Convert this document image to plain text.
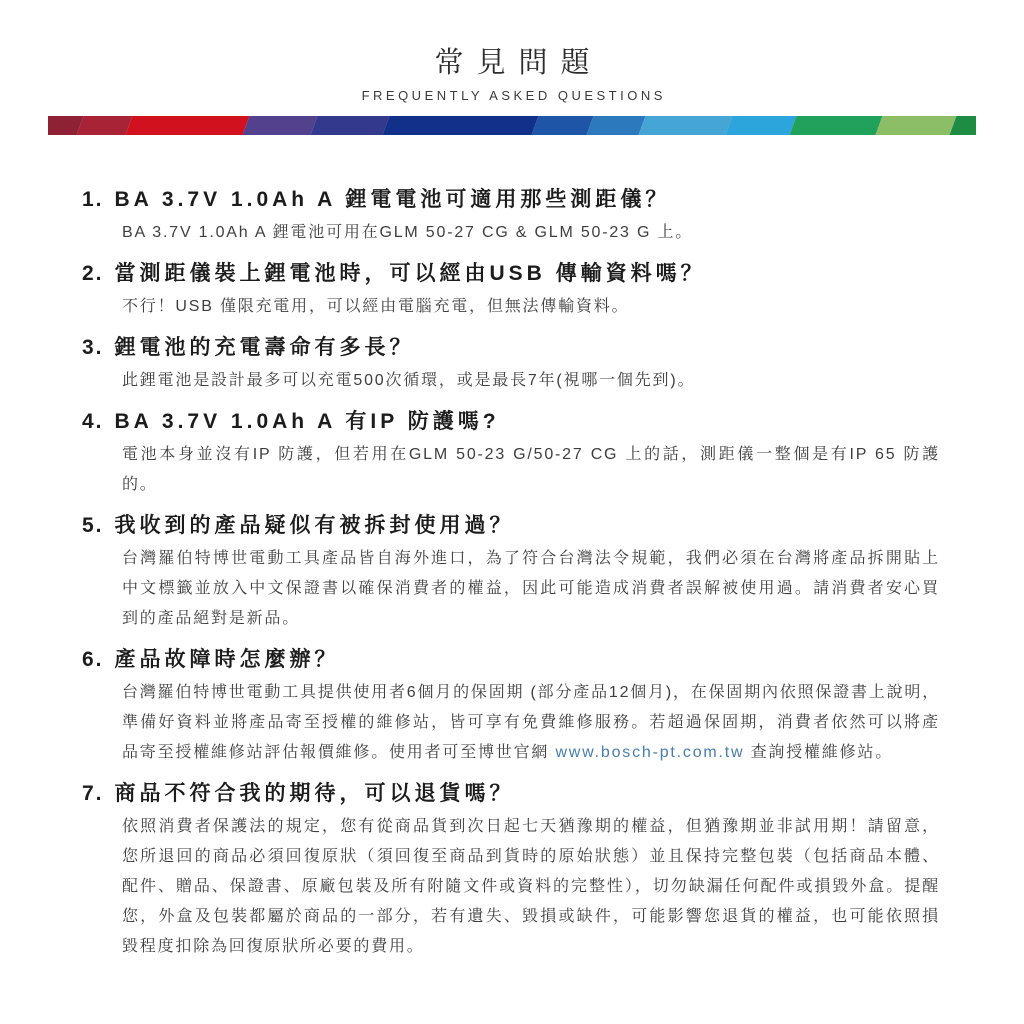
常見問題
FREQUENTLY ASKED QUESTIONS
1. BA 3.7V 1.0Ah A 鋰電電池可適用那些測距儀？

BA 3.7V 1.0Ah A 鋰電池可用在GLM 50-27 CG & GLM 50-23 G 上。

2. 當測距儀裝上鋰電池時，可以經由USB 傳輸資料嗎？

不行！USB 僅限充電用，可以經由電腦充電，但無法傳輸資料。

3. 鋰電池的充電壽命有多長？

此鋰電池是設計最多可以充電500次循環，或是最長7年(視哪一個先到)。

4. BA 3.7V 1.0Ah A 有IP 防護嗎?

電池本身並沒有IP 防護，但若用在GLM 50-23 G/50-27 CG 上的話，測距儀一整個是有IP 65 防護的。

5. 我收到的產品疑似有被拆封使用過？

台灣羅伯特博世電動工具產品皆自海外進口，為了符合台灣法令規範，我們必須在台灣將產品拆開貼上中文標籤並放入中文保證書以確保消費者的權益，因此可能造成消費者誤解被使用過。請消費者安心買到的產品絕對是新品。

6. 產品故障時怎麼辦？

台灣羅伯特博世電動工具提供使用者6個月的保固期 (部分產品12個月)，在保固期內依照保證書上說明，準備好資料並將產品寄至授權的維修站，皆可享有免費維修服務。若超過保固期，消費者依然可以將產品寄至授權維修站評估報價維修。使用者可至博世官網 www.bosch-pt.com.tw 查詢授權維修站。

7. 商品不符合我的期待，可以退貨嗎？

依照消費者保護法的規定，您有從商品貨到次日起七天猶豫期的權益，但猶豫期並非試用期！請留意，您所退回的商品必須回復原狀（須回復至商品到貨時的原始狀態）並且保持完整包裝（包括商品本體、配件、贈品、保證書、原廠包裝及所有附隨文件或資料的完整性），切勿缺漏任何配件或損毀外盒。提醒您，外盒及包裝都屬於商品的一部分，若有遺失、毀損或缺件，可能影響您退貨的權益，也可能依照損毀程度扣除為回復原狀所必要的費用。
